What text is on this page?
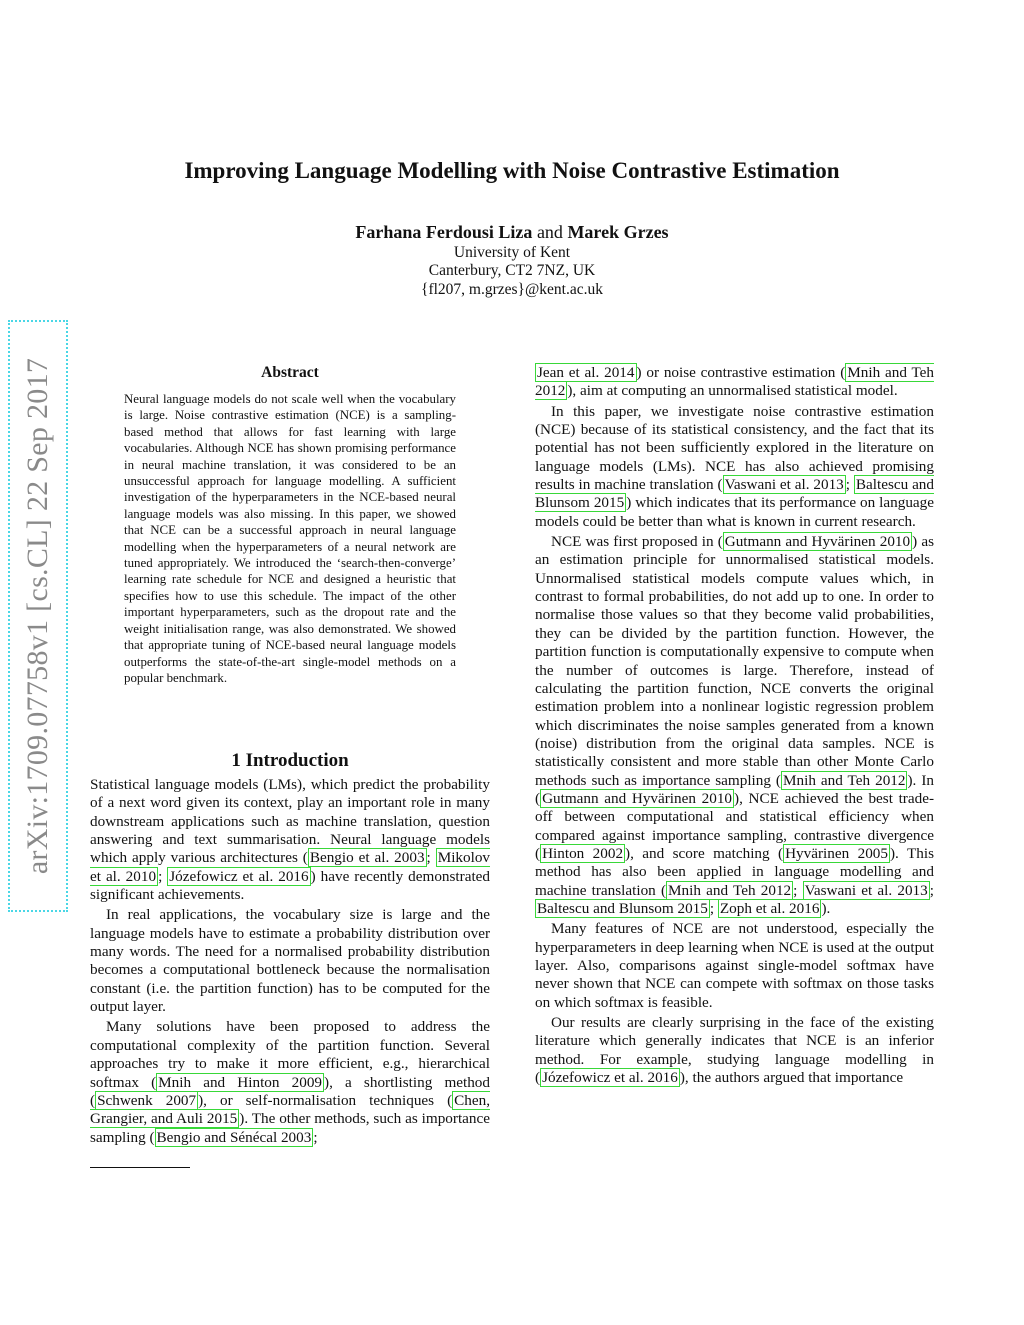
arXiv:1709.07758v1 [cs.CL] 22 Sep 2017
Improving Language Modelling with Noise Contrastive Estimation
Farhana Ferdousi Liza and Marek Grzes
University of Kent
Canterbury, CT2 7NZ, UK
{fl207, m.grzes}@kent.ac.uk
Abstract
Neural language models do not scale well when the vocabulary is large. Noise contrastive estimation (NCE) is a sampling-based method that allows for fast learning with large vocabularies. Although NCE has shown promising performance in neural machine translation, it was considered to be an unsuccessful approach for language modelling. A sufficient investigation of the hyperparameters in the NCE-based neural language models was also missing. In this paper, we showed that NCE can be a successful approach in neural language modelling when the hyperparameters of a neural network are tuned appropriately. We introduced the ‘search-then-converge’ learning rate schedule for NCE and designed a heuristic that specifies how to use this schedule. The impact of the other important hyperparameters, such as the dropout rate and the weight initialisation range, was also demonstrated. We showed that appropriate tuning of NCE-based neural language models outperforms the state-of-the-art single-model methods on a popular benchmark.
1 Introduction

Statistical language models (LMs), which predict the probability of a next word given its context, play an important role in many downstream applications such as machine translation, question answering and text summarisation. Neural language models which apply various architectures ( Bengio et al. 2003 ; Mikolov et al. 2010 ; Józefowicz et al. 2016 ) have recently demonstrated significant achievements.

In real applications, the vocabulary size is large and the language models have to estimate a probability distribution over many words. The need for a normalised probability distribution becomes a computational bottleneck because the normalisation constant (i.e. the partition function) has to be computed for the output layer.

Many solutions have been proposed to address the computational complexity of the partition function. Several approaches try to make it more efficient, e.g., hierarchical softmax ( Mnih and Hinton 2009 ), a shortlisting method ( Schwenk 2007 ), or self-normalisation techniques ( Chen, Grangier, and Auli 2015 ). The other methods, such as importance sampling ( Bengio and Sénécal 2003 ;

Jean et al. 2014 ) or noise contrastive estimation ( Mnih and Teh 2012 ), aim at computing an unnormalised statistical model.

In this paper, we investigate noise contrastive estimation (NCE) because of its statistical consistency, and the fact that its potential has not been sufficiently explored in the literature on language models (LMs). NCE has also achieved promising results in machine translation ( Vaswani et al. 2013 ; Baltescu and Blunsom 2015 ) which indicates that its performance on language models could be better than what is known in current research.

NCE was first proposed in ( Gutmann and Hyvärinen 2010 ) as an estimation principle for unnormalised statistical models. Unnormalised statistical models compute values which, in contrast to formal probabilities, do not add up to one. In order to normalise those values so that they become valid probabilities, they can be divided by the partition function. However, the partition function is computationally expensive to compute when the number of outcomes is large. Therefore, instead of calculating the partition function, NCE converts the original estimation problem into a nonlinear logistic regression problem which discriminates the noise samples generated from a known (noise) distribution from the original data samples. NCE is statistically consistent and more stable than other Monte Carlo methods such as importance sampling ( Mnih and Teh 2012 ). In ( Gutmann and Hyvärinen 2010 ), NCE achieved the best trade-off between computational and statistical efficiency when compared against importance sampling, contrastive divergence ( Hinton 2002 ), and score matching ( Hyvärinen 2005 ). This method has also been applied in language modelling and machine translation ( Mnih and Teh 2012 ; Vaswani et al. 2013 ; Baltescu and Blunsom 2015 ; Zoph et al. 2016 ).

Many features of NCE are not understood, especially the hyperparameters in deep learning when NCE is used at the output layer. Also, comparisons against single-model softmax have never shown that NCE can compete with softmax on those tasks on which softmax is feasible.

Our results are clearly surprising in the face of the existing literature which generally indicates that NCE is an inferior method. For example, studying language modelling in ( Józefowicz et al. 2016 ), the authors argued that importance
